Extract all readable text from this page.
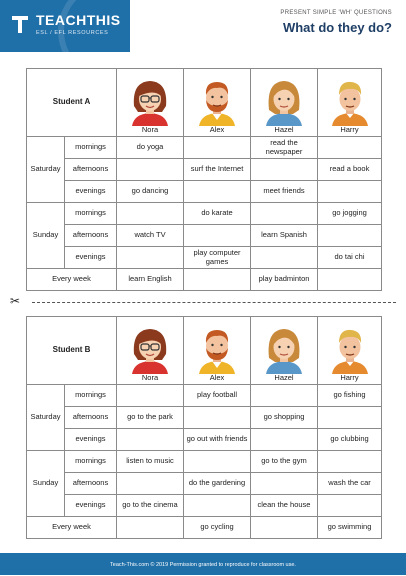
TEACHTHIS
ESL / EFL RESOURCES
PRESENT SIMPLE 'WH' QUESTIONS
What do they do?
Student A		Nora	Alex	Hazel	Harry

Saturday	mornings	do yoga		read the newspaper	
	afternoons		surf the Internet		read a book
	evenings	go dancing		meet friends	
Sunday	mornings		do karate		go jogging
	afternoons	watch TV		learn Spanish	
	evenings		play computer games		do tai chi
Every week		learn English		play badminton	
✂
Student B		Nora	Alex	Hazel	Harry

Saturday	mornings		play football		go fishing
	afternoons	go to the park		go shopping	
	evenings		go out with friends		go clubbing
Sunday	mornings	listen to music		go to the gym	
	afternoons		do the gardening		wash the car
	evenings	go to the cinema		clean the house	
Every week			go cycling		go swimming
Teach-This.com © 2019 Permission granted to reproduce for classroom use.
